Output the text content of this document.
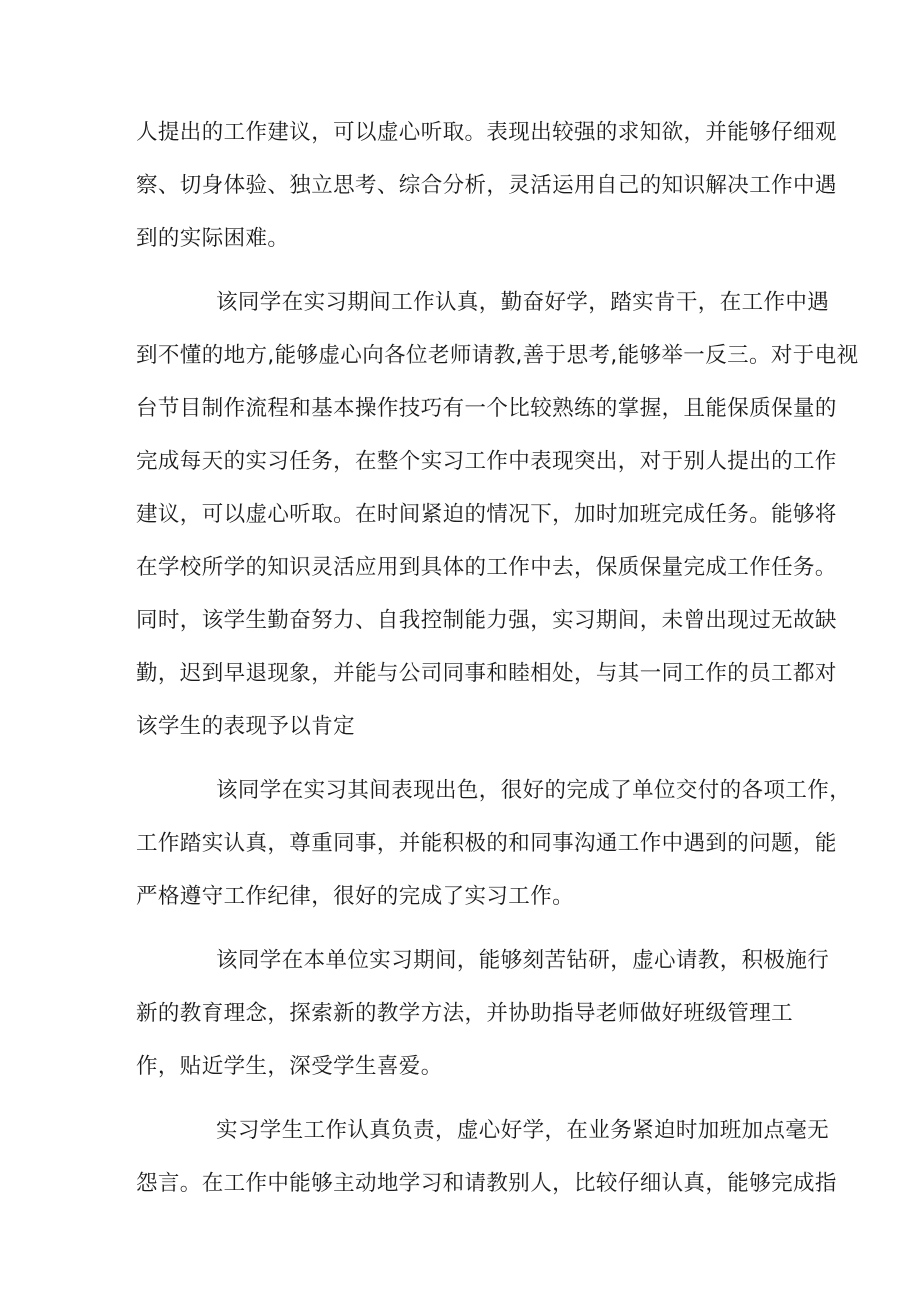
人提出的工作建议，可以虚心听取。表现出较强的求知欲，并能够仔细观
察、切身体验、独立思考、综合分析，灵活运用自己的知识解决工作中遇
到的实际困难。
该同学在实习期间工作认真，勤奋好学，踏实肯干，在工作中遇
到不懂的地方,能够虚心向各位老师请教,善于思考,能够举一反三。对于电视
台节目制作流程和基本操作技巧有一个比较熟练的掌握，且能保质保量的
完成每天的实习任务，在整个实习工作中表现突出，对于别人提出的工作
建议，可以虚心听取。在时间紧迫的情况下，加时加班完成任务。能够将
在学校所学的知识灵活应用到具体的工作中去，保质保量完成工作任务。
同时，该学生勤奋努力、自我控制能力强，实习期间，未曾出现过无故缺
勤，迟到早退现象，并能与公司同事和睦相处，与其一同工作的员工都对
该学生的表现予以肯定
该同学在实习其间表现出色，很好的完成了单位交付的各项工作，
工作踏实认真，尊重同事，并能积极的和同事沟通工作中遇到的问题，能
严格遵守工作纪律，很好的完成了实习工作。
该同学在本单位实习期间，能够刻苦钻研，虚心请教，积极施行
新的教育理念，探索新的教学方法，并协助指导老师做好班级管理工
作，贴近学生，深受学生喜爱。
实习学生工作认真负责，虚心好学，在业务紧迫时加班加点毫无
怨言。在工作中能够主动地学习和请教别人，比较仔细认真，能够完成指
